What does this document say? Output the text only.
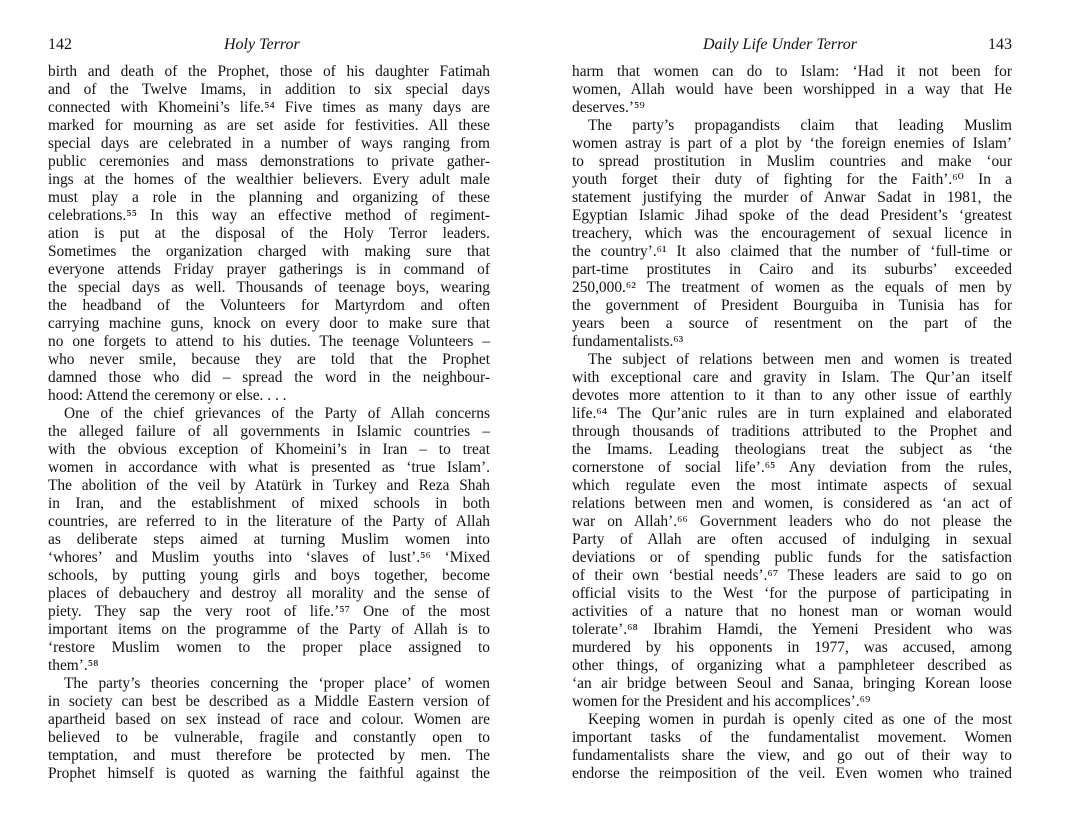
142	Holy Terror
birth and death of the Prophet, those of his daughter Fatimah
and of the Twelve Imams, in addition to six special days
connected with Khomeini’s life.⁵⁴ Five times as many days are
marked for mourning as are set aside for festivities. All these
special days are celebrated in a number of ways ranging from
public ceremonies and mass demonstrations to private gather-
ings at the homes of the wealthier believers. Every adult male
must play a role in the planning and organizing of these
celebrations.⁵⁵ In this way an effective method of regiment-
ation is put at the disposal of the Holy Terror leaders.
Sometimes the organization charged with making sure that
everyone attends Friday prayer gatherings is in command of
the special days as well. Thousands of teenage boys, wearing
the headband of the Volunteers for Martyrdom and often
carrying machine guns, knock on every door to make sure that
no one forgets to attend to his duties. The teenage Volunteers –
who never smile, because they are told that the Prophet
damned those who did – spread the word in the neighbour-
hood: Attend the ceremony or else. . . .
One of the chief grievances of the Party of Allah concerns
the alleged failure of all governments in Islamic countries –
with the obvious exception of Khomeini’s in Iran – to treat
women in accordance with what is presented as ‘true Islam’.
The abolition of the veil by Atatürk in Turkey and Reza Shah
in Iran, and the establishment of mixed schools in both
countries, are referred to in the literature of the Party of Allah
as deliberate steps aimed at turning Muslim women into
‘whores’ and Muslim youths into ‘slaves of lust’.⁵⁶ ‘Mixed
schools, by putting young girls and boys together, become
places of debauchery and destroy all morality and the sense of
piety. They sap the very root of life.’⁵⁷ One of the most
important items on the programme of the Party of Allah is to
‘restore Muslim women to the proper place assigned to
them’.⁵⁸
The party’s theories concerning the ‘proper place’ of women
in society can best be described as a Middle Eastern version of
apartheid based on sex instead of race and colour. Women are
believed to be vulnerable, fragile and constantly open to
temptation, and must therefore be protected by men. The
Prophet himself is quoted as warning the faithful against the
Daily Life Under Terror	143
harm that women can do to Islam: ‘Had it not been for
women, Allah would have been worshipped in a way that He
deserves.’⁵⁹
The party’s propagandists claim that leading Muslim
women astray is part of a plot by ‘the foreign enemies of Islam’
to spread prostitution in Muslim countries and make ‘our
youth forget their duty of fighting for the Faith’.⁶⁰ In a
statement justifying the murder of Anwar Sadat in 1981, the
Egyptian Islamic Jihad spoke of the dead President’s ‘greatest
treachery, which was the encouragement of sexual licence in
the country’.⁶¹ It also claimed that the number of ‘full-time or
part-time prostitutes in Cairo and its suburbs’ exceeded
250,000.⁶² The treatment of women as the equals of men by
the government of President Bourguiba in Tunisia has for
years been a source of resentment on the part of the
fundamentalists.⁶³
The subject of relations between men and women is treated
with exceptional care and gravity in Islam. The Qur’an itself
devotes more attention to it than to any other issue of earthly
life.⁶⁴ The Qur’anic rules are in turn explained and elaborated
through thousands of traditions attributed to the Prophet and
the Imams. Leading theologians treat the subject as ‘the
cornerstone of social life’.⁶⁵ Any deviation from the rules,
which regulate even the most intimate aspects of sexual
relations between men and women, is considered as ‘an act of
war on Allah’.⁶⁶ Government leaders who do not please the
Party of Allah are often accused of indulging in sexual
deviations or of spending public funds for the satisfaction
of their own ‘bestial needs’.⁶⁷ These leaders are said to go on
official visits to the West ‘for the purpose of participating in
activities of a nature that no honest man or woman would
tolerate’.⁶⁸ Ibrahim Hamdi, the Yemeni President who was
murdered by his opponents in 1977, was accused, among
other things, of organizing what a pamphleteer described as
‘an air bridge between Seoul and Sanaa, bringing Korean loose
women for the President and his accomplices’.⁶⁹
Keeping women in purdah is openly cited as one of the most
important tasks of the fundamentalist movement. Women
fundamentalists share the view, and go out of their way to
endorse the reimposition of the veil. Even women who trained
